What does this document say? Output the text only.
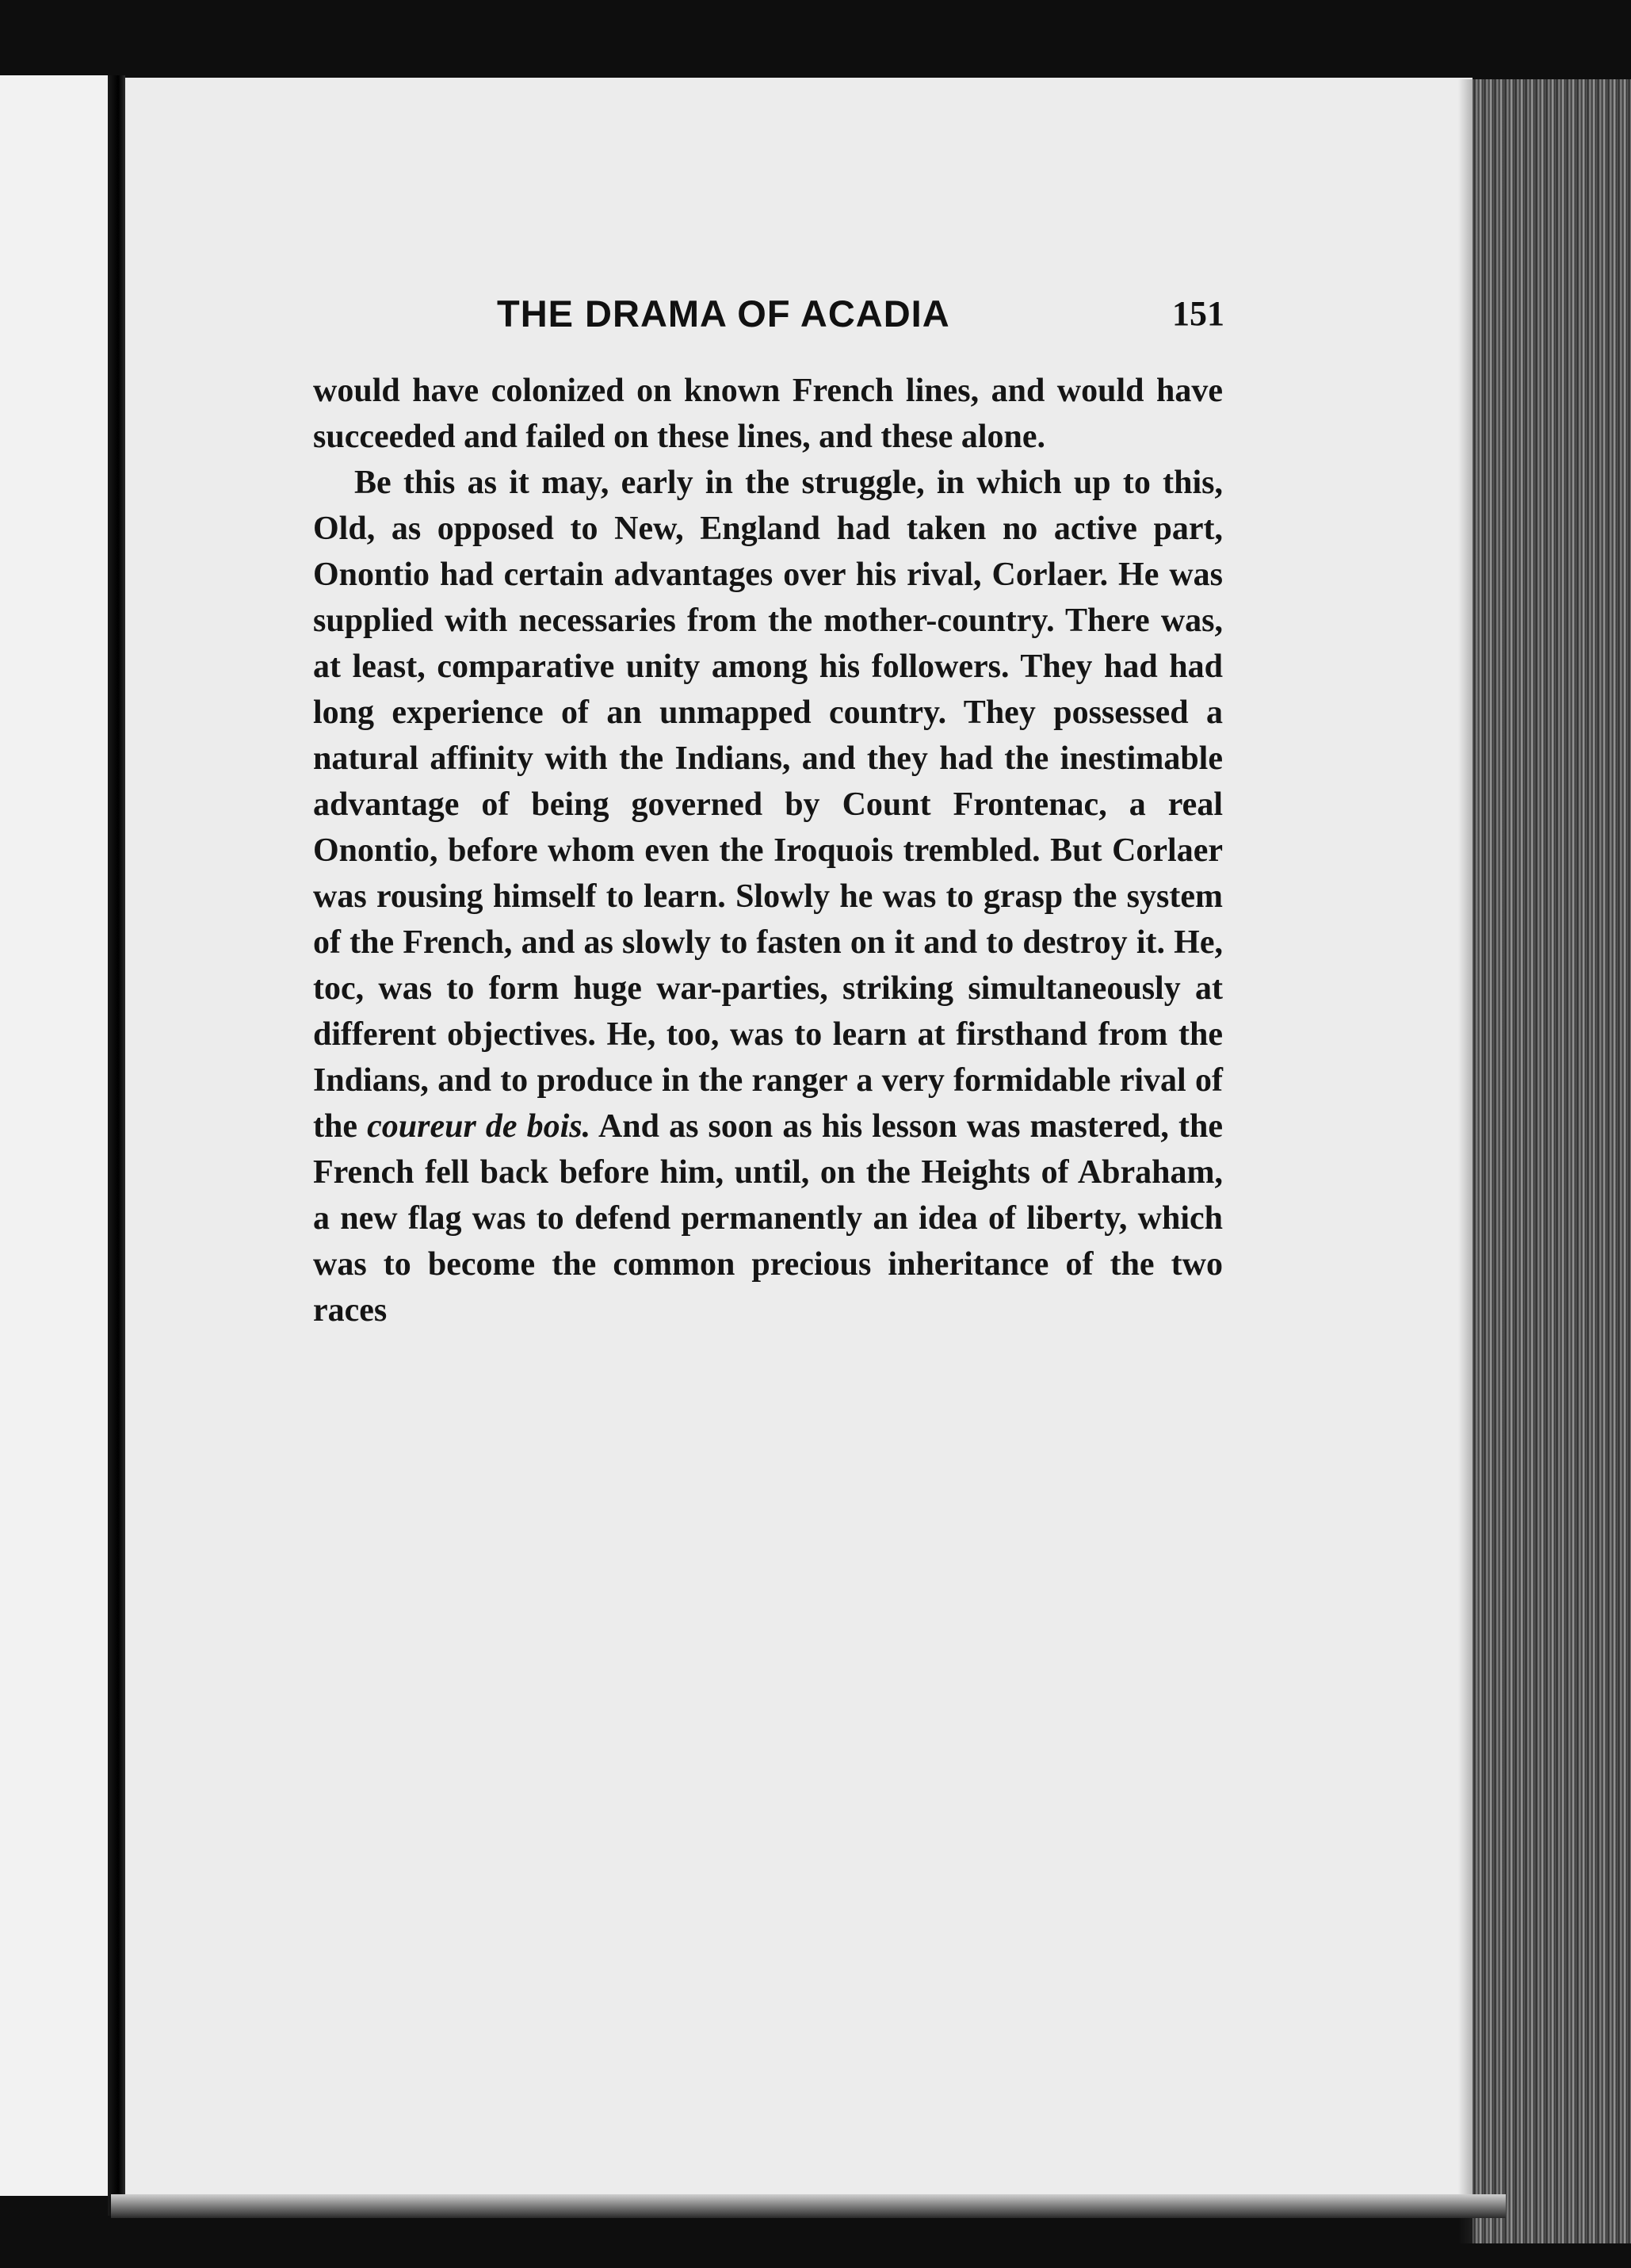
THE DRAMA OF ACADIA	151

would have colonized on known French lines, and would have succeeded and failed on these lines, and these alone.

Be this as it may, early in the struggle, in which up to this, Old, as opposed to New, England had taken no active part, Onontio had certain advantages over his rival, Corlaer. He was supplied with necessaries from the mother-country. There was, at least, comparative unity among his followers. They had had long experience of an unmapped country. They possessed a natural affinity with the Indians, and they had the inestimable advantage of being governed by Count Frontenac, a real Onontio, before whom even the Iroquois trembled. But Corlaer was rousing himself to learn. Slowly he was to grasp the system of the French, and as slowly to fasten on it and to destroy it. He, toc, was to form huge war-parties, striking simultaneously at different objectives. He, too, was to learn at firsthand from the Indians, and to produce in the ranger a very formidable rival of the coureur de bois. And as soon as his lesson was mastered, the French fell back before him, until, on the Heights of Abraham, a new flag was to defend permanently an idea of liberty, which was to become the common precious inheritance of the two races
